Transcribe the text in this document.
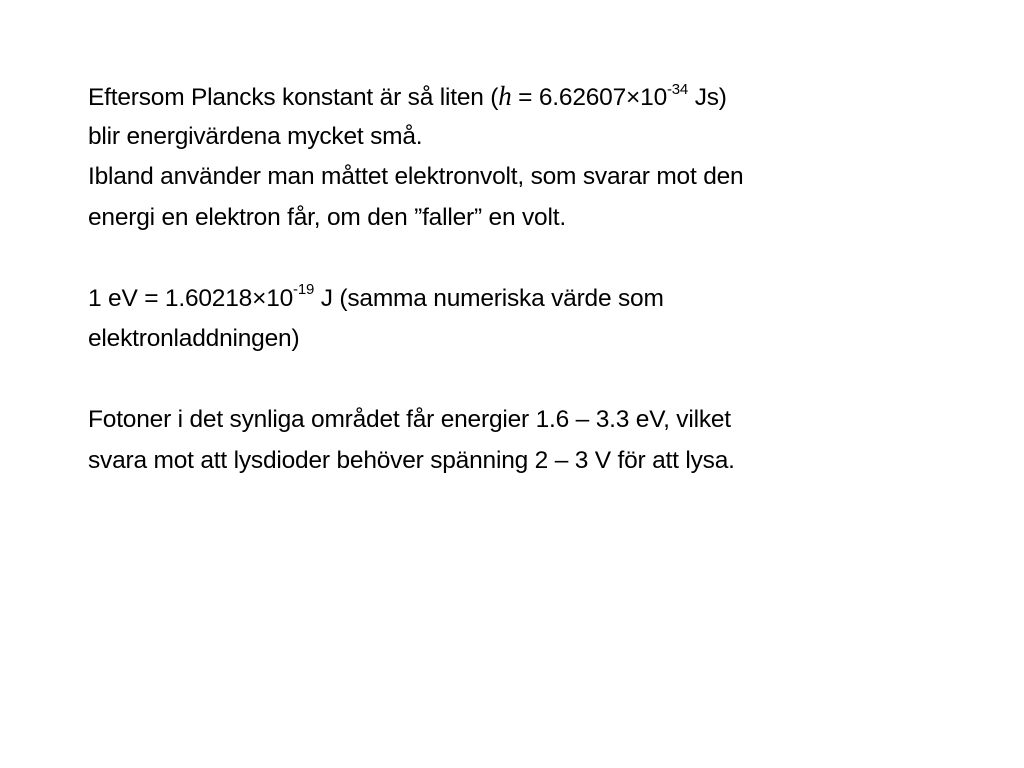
Eftersom Plancks konstant är så liten ($h = 6.62607\times 10^{-34}$ Js)
blir energivärdena mycket små.
Ibland använder man måttet elektronvolt, som svarar mot den
energi en elektron får, om den ”faller” en volt.
1 eV = $1.60218\times 10^{-19}$ J (samma numeriska värde som
elektronladdningen)
Fotoner i det synliga området får energier 1.6 – 3.3 eV, vilket
svara mot att lysdioder behöver spänning 2 – 3 V för att lysa.
